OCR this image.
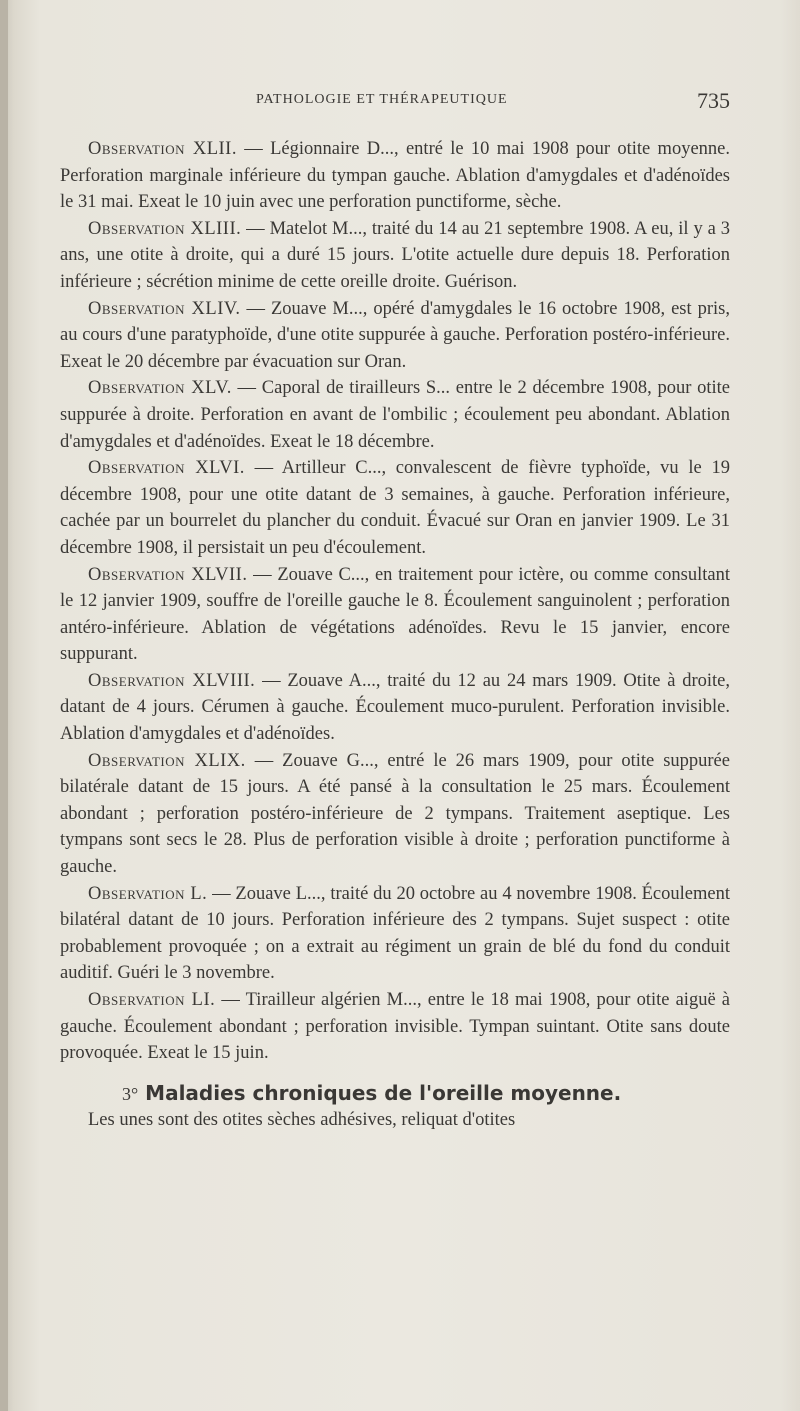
PATHOLOGIE ET THÉRAPEUTIQUE	735

Observation XLII. — Légionnaire D..., entré le 10 mai 1908 pour otite moyenne. Perforation marginale inférieure du tympan gauche. Ablation d'amygdales et d'adénoïdes le 31 mai. Exeat le 10 juin avec une perforation punctiforme, sèche.

Observation XLIII. — Matelot M..., traité du 14 au 21 septembre 1908. A eu, il y a 3 ans, une otite à droite, qui a duré 15 jours. L'otite actuelle dure depuis 18. Perforation inférieure ; sécrétion minime de cette oreille droite. Guérison.

Observation XLIV. — Zouave M..., opéré d'amygdales le 16 octobre 1908, est pris, au cours d'une paratyphoïde, d'une otite suppurée à gauche. Perforation postéro-inférieure. Exeat le 20 décembre par évacuation sur Oran.

Observation XLV. — Caporal de tirailleurs S... entre le 2 décembre 1908, pour otite suppurée à droite. Perforation en avant de l'ombilic ; écoulement peu abondant. Ablation d'amygdales et d'adénoïdes. Exeat le 18 décembre.

Observation XLVI. — Artilleur C..., convalescent de fièvre typhoïde, vu le 19 décembre 1908, pour une otite datant de 3 semaines, à gauche. Perforation inférieure, cachée par un bourrelet du plancher du conduit. Évacué sur Oran en janvier 1909. Le 31 décembre 1908, il persistait un peu d'écoulement.

Observation XLVII. — Zouave C..., en traitement pour ictère, ou comme consultant le 12 janvier 1909, souffre de l'oreille gauche le 8. Écoulement sanguinolent ; perforation antéro-inférieure. Ablation de végétations adénoïdes. Revu le 15 janvier, encore suppurant.

Observation XLVIII. — Zouave A..., traité du 12 au 24 mars 1909. Otite à droite, datant de 4 jours. Cérumen à gauche. Écoulement muco-purulent. Perforation invisible. Ablation d'amygdales et d'adénoïdes.

Observation XLIX. — Zouave G..., entré le 26 mars 1909, pour otite suppurée bilatérale datant de 15 jours. A été pansé à la consultation le 25 mars. Écoulement abondant ; perforation postéro-inférieure de 2 tympans. Traitement aseptique. Les tympans sont secs le 28. Plus de perforation visible à droite ; perforation punctiforme à gauche.

Observation L. — Zouave L..., traité du 20 octobre au 4 novembre 1908. Écoulement bilatéral datant de 10 jours. Perforation inférieure des 2 tympans. Sujet suspect : otite probablement provoquée ; on a extrait au régiment un grain de blé du fond du conduit auditif. Guéri le 3 novembre.

Observation LI. — Tirailleur algérien M..., entre le 18 mai 1908, pour otite aiguë à gauche. Écoulement abondant ; perforation invisible. Tympan suintant. Otite sans doute provoquée. Exeat le 15 juin.

3° Maladies chroniques de l'oreille moyenne.

Les unes sont des otites sèches adhésives, reliquat d'otites
